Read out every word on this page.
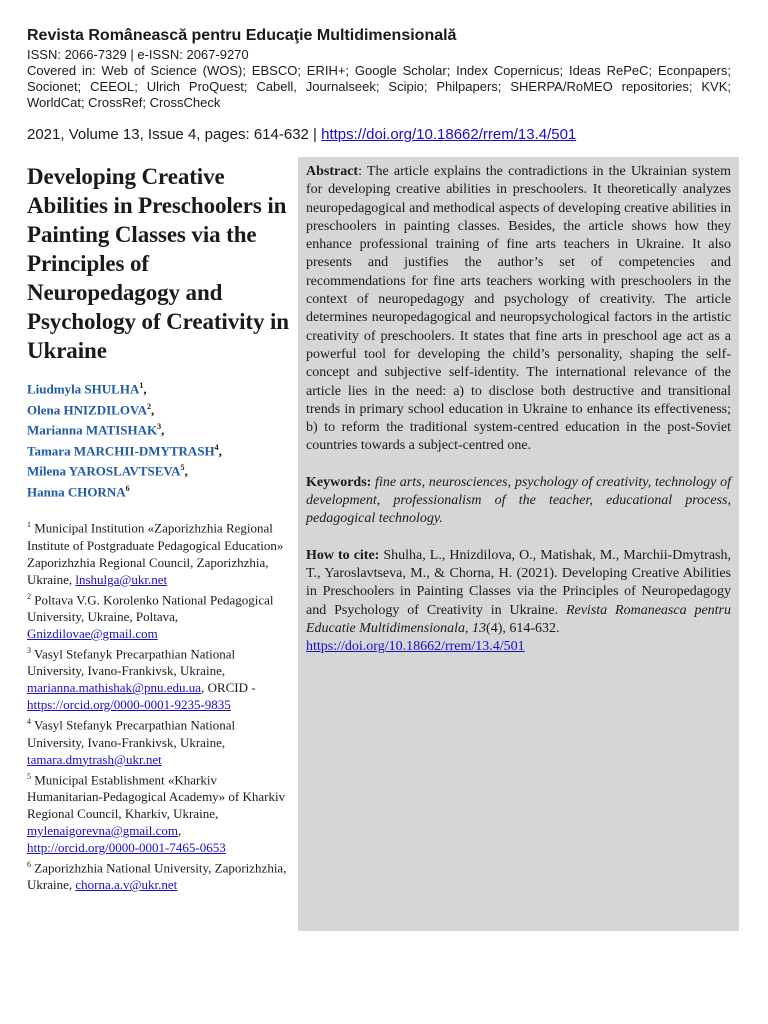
Revista Românească pentru Educaţie Multidimensională
ISSN: 2066-7329 | e-ISSN: 2067-9270
Covered in: Web of Science (WOS); EBSCO; ERIH+; Google Scholar; Index Copernicus; Ideas RePeC; Econpapers; Socionet; CEEOL; Ulrich ProQuest; Cabell, Journalseek; Scipio; Philpapers; SHERPA/RoMEO repositories; KVK; WorldCat; CrossRef; CrossCheck
2021, Volume 13, Issue 4, pages: 614-632 | https://doi.org/10.18662/rrem/13.4/501
Developing Creative Abilities in Preschoolers in Painting Classes via the Principles of Neuropedagogy and Psychology of Creativity in Ukraine
Liudmyla SHULHA$^1$,
Olena HNIZDILOVA$^2$,
Marianna MATISHAK$^3$,
Tamara MARCHII-DMYTRASH$^4$,
Milena YAROSLAVTSEVA$^5$,
Hanna CHORNA$^6$
$^1$ Municipal Institution «Zaporizhzhia Regional Institute of Postgraduate Pedagogical Education» Zaporizhzhia Regional Council, Zaporizhzhia, Ukraine, lnshulga@ukr.net
$^2$ Poltava V.G. Korolenko National Pedagogical University, Ukraine, Poltava, Gnizdilovae@gmail.com
$^3$ Vasyl Stefanyk Precarpathian National University, Ivano-Frankivsk, Ukraine, marianna.mathishak@pnu.edu.ua, ORCID - https://orcid.org/0000-0001-9235-9835
$^4$ Vasyl Stefanyk Precarpathian National University, Ivano-Frankivsk, Ukraine, tamara.dmytrash@ukr.net
$^5$ Municipal Establishment «Kharkiv Humanitarian-Pedagogical Academy» of Kharkiv Regional Council, Kharkiv, Ukraine, mylenaigorevna@gmail.com, http://orcid.org/0000-0001-7465-0653
$^6$ Zaporizhzhia National University, Zaporizhzhia, Ukraine, chorna.a.v@ukr.net

Abstract: The article explains the contradictions in the Ukrainian system for developing creative abilities in preschoolers. It theoretically analyzes neuropedagogical and methodical aspects of developing creative abilities in preschoolers in painting classes. Besides, the article shows how they enhance professional training of fine arts teachers in Ukraine. It also presents and justifies the author’s set of competencies and recommendations for fine arts teachers working with preschoolers in the context of neuropedagogy and psychology of creativity. The article determines neuropedagogical and neuropsychological factors in the artistic creativity of preschoolers. It states that fine arts in preschool age act as a powerful tool for developing the child’s personality, shaping the self-concept and subjective self-identity. The international relevance of the article lies in the need: a) to disclose both destructive and transitional trends in primary school education in Ukraine to enhance its effectiveness; b) to reform the traditional system-centred education in the post-Soviet countries towards a subject-centred one.

Keywords: fine arts, neurosciences, psychology of creativity, technology of development, professionalism of the teacher, educational process, pedagogical technology.

How to cite: Shulha, L., Hnizdilova, O., Matishak, M., Marchii-Dmytrash, T., Yaroslavtseva, M., & Chorna, H. (2021). Developing Creative Abilities in Preschoolers in Painting Classes via the Principles of Neuropedagogy and Psychology of Creativity in Ukraine. Revista Romaneasca pentru Educatie Multidimensionala, 13(4), 614-632.
https://doi.org/10.18662/rrem/13.4/501
